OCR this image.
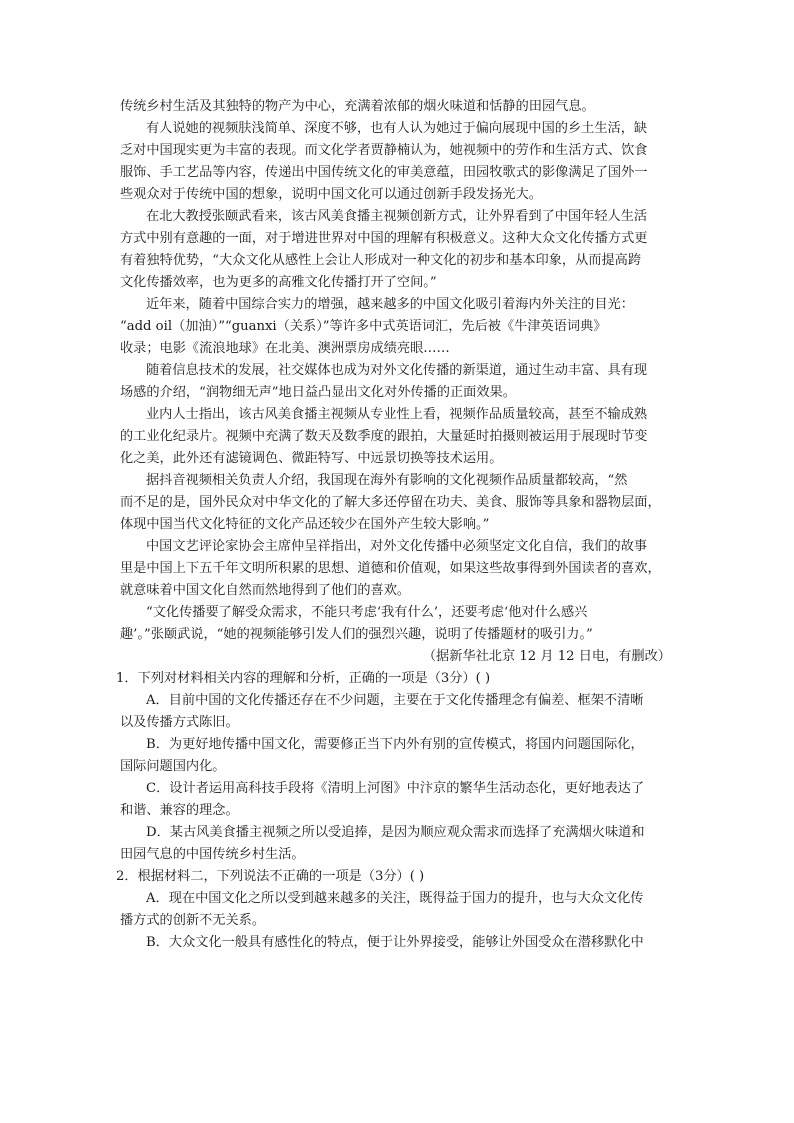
传统乡村生活及其独特的物产为中心，充满着浓郁的烟火味道和恬静的田园气息。
有人说她的视频肤浅简单、深度不够，也有人认为她过于偏向展现中国的乡土生活，缺
乏对中国现实更为丰富的表现。而文化学者贾静楠认为，她视频中的劳作和生活方式、饮食
服饰、手工艺品等内容，传递出中国传统文化的审美意蕴，田园牧歌式的影像满足了国外一
些观众对于传统中国的想象，说明中国文化可以通过创新手段发扬光大。
在北大教授张颐武看来，该古风美食播主视频创新方式，让外界看到了中国年轻人生活
方式中别有意趣的一面，对于增进世界对中国的理解有积极意义。这种大众文化传播方式更
有着独特优势，“大众文化从感性上会让人形成对一种文化的初步和基本印象，从而提高跨
文化传播效率，也为更多的高雅文化传播打开了空间。”
近年来，随着中国综合实力的增强，越来越多的中国文化吸引着海内外关注的目光：
“add oil（加油）”“guanxi（关系）”等许多中式英语词汇，先后被《牛津英语词典》
收录；电影《流浪地球》在北美、澳洲票房成绩亮眼……
随着信息技术的发展，社交媒体也成为对外文化传播的新渠道，通过生动丰富、具有现
场感的介绍，“润物细无声”地日益凸显出文化对外传播的正面效果。
业内人士指出，该古风美食播主视频从专业性上看，视频作品质量较高，甚至不输成熟
的工业化纪录片。视频中充满了数天及数季度的跟拍，大量延时拍摄则被运用于展现时节变
化之美，此外还有滤镜调色、微距特写、中远景切换等技术运用。
据抖音视频相关负责人介绍，我国现在海外有影响的文化视频作品质量都较高，“然
而不足的是，国外民众对中华文化的了解大多还停留在功夫、美食、服饰等具象和器物层面，
体现中国当代文化特征的文化产品还较少在国外产生较大影响。”
中国文艺评论家协会主席仲呈祥指出，对外文化传播中必须坚定文化自信，我们的故事
里是中国上下五千年文明所积累的思想、道德和价值观，如果这些故事得到外国读者的喜欢，
就意味着中国文化自然而然地得到了他们的喜欢。
“文化传播要了解受众需求，不能只考虑‘我有什么’，还要考虑‘他对什么感兴
趣’。”张颐武说，“她的视频能够引发人们的强烈兴趣，说明了传播题材的吸引力。”
（据新华社北京 12 月 12 日电，有删改）
1．下列对材料相关内容的理解和分析，正确的一项是（3分）( )
A．目前中国的文化传播还存在不少问题，主要在于文化传播理念有偏差、框架不清晰
以及传播方式陈旧。
B．为更好地传播中国文化，需要修正当下内外有别的宣传模式，将国内问题国际化，
国际问题国内化。
C．设计者运用高科技手段将《清明上河图》中汴京的繁华生活动态化，更好地表达了
和谐、兼容的理念。
D．某古风美食播主视频之所以受追捧，是因为顺应观众需求而选择了充满烟火味道和
田园气息的中国传统乡村生活。
2．根据材料二，下列说法不正确的一项是（3分）( )
A．现在中国文化之所以受到越来越多的关注，既得益于国力的提升，也与大众文化传
播方式的创新不无关系。
B．大众文化一般具有感性化的特点，便于让外界接受，能够让外国受众在潜移默化中
